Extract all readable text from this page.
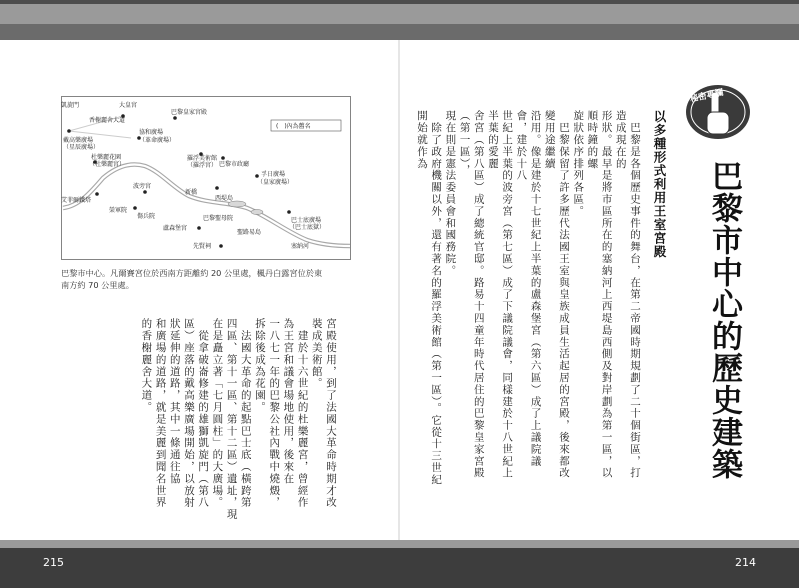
(　)內為舊名
凱旋門	大皇宮
香榭麗舍大道
協和廣場
（革命廣場）
巴黎皇家宮殿
羅浮美術館
（羅浮宮） 巴黎市政廳
孚日廣場
（皇家廣場）
戴高樂廣場
（星辰廣場）
杜樂麗花園
（杜樂麗宮）
艾菲爾鐵塔
榮軍院
波旁宮
傷兵院
新橋
西堤島
巴黎聖母院
聖路易島
盧森堡宮
先賢祠
巴士底廣場
（巴士底獄）
塞納河
巴黎市中心。凡爾賽宮位於西南方距離約 20 公里處，楓丹白露宮位於東
南方約 70 公里處。
宮殿使用，到了法國大革命時期才改
裝成美術館。
　建於十六世紀的杜樂麗宮，曾經作
為王宮和議會場地使用，後來在
一八七一年的巴黎公社內戰中燒燬，
拆除後成為花園。
　法國大革命的起點巴士底（橫跨第
四區、第十一區、第十二區）遺址，現
在是矗立著「七月圓柱」的大廣場。
　從拿破崙修建的雄獅凱旋門（第八
區）座落的戴高樂廣場開始，以放射
狀延伸的道路，其中一條通往協
和廣場的道路，就是美麗到聞名世界
的香榭麗舍大道。
秘密專欄
巴黎市中心的歷史建築
以多種形式利用王室宮殿
　巴黎是各個歷史事件的舞台，在第二帝國時期規劃了二十個街區，打造成現在的
形狀。最早是將市區所在的塞納河上西堤島西側及對岸劃為第一區，以順時鐘的螺
旋狀依序排列各區。
　巴黎保留了許多歷代法國王室與皇族成員生活起居的宮殿，後來都改變用途繼續
沿用。像是建於十七世紀上半葉的盧森堡宮（第六區）成了上議院議會，建於十八
世紀上半葉的波旁宮（第七區）成了下議院議會，同樣建於十八世紀上半葉的愛麗
舍宮（第八區）成了總統官邸。路易十四童年時代居住的巴黎皇家宮殿（第一區），
現在則是憲法委員會和國務院。
　除了政府機關以外，還有著名的羅浮美術館（第一區）。它從十三世紀開始就作為
215	214
